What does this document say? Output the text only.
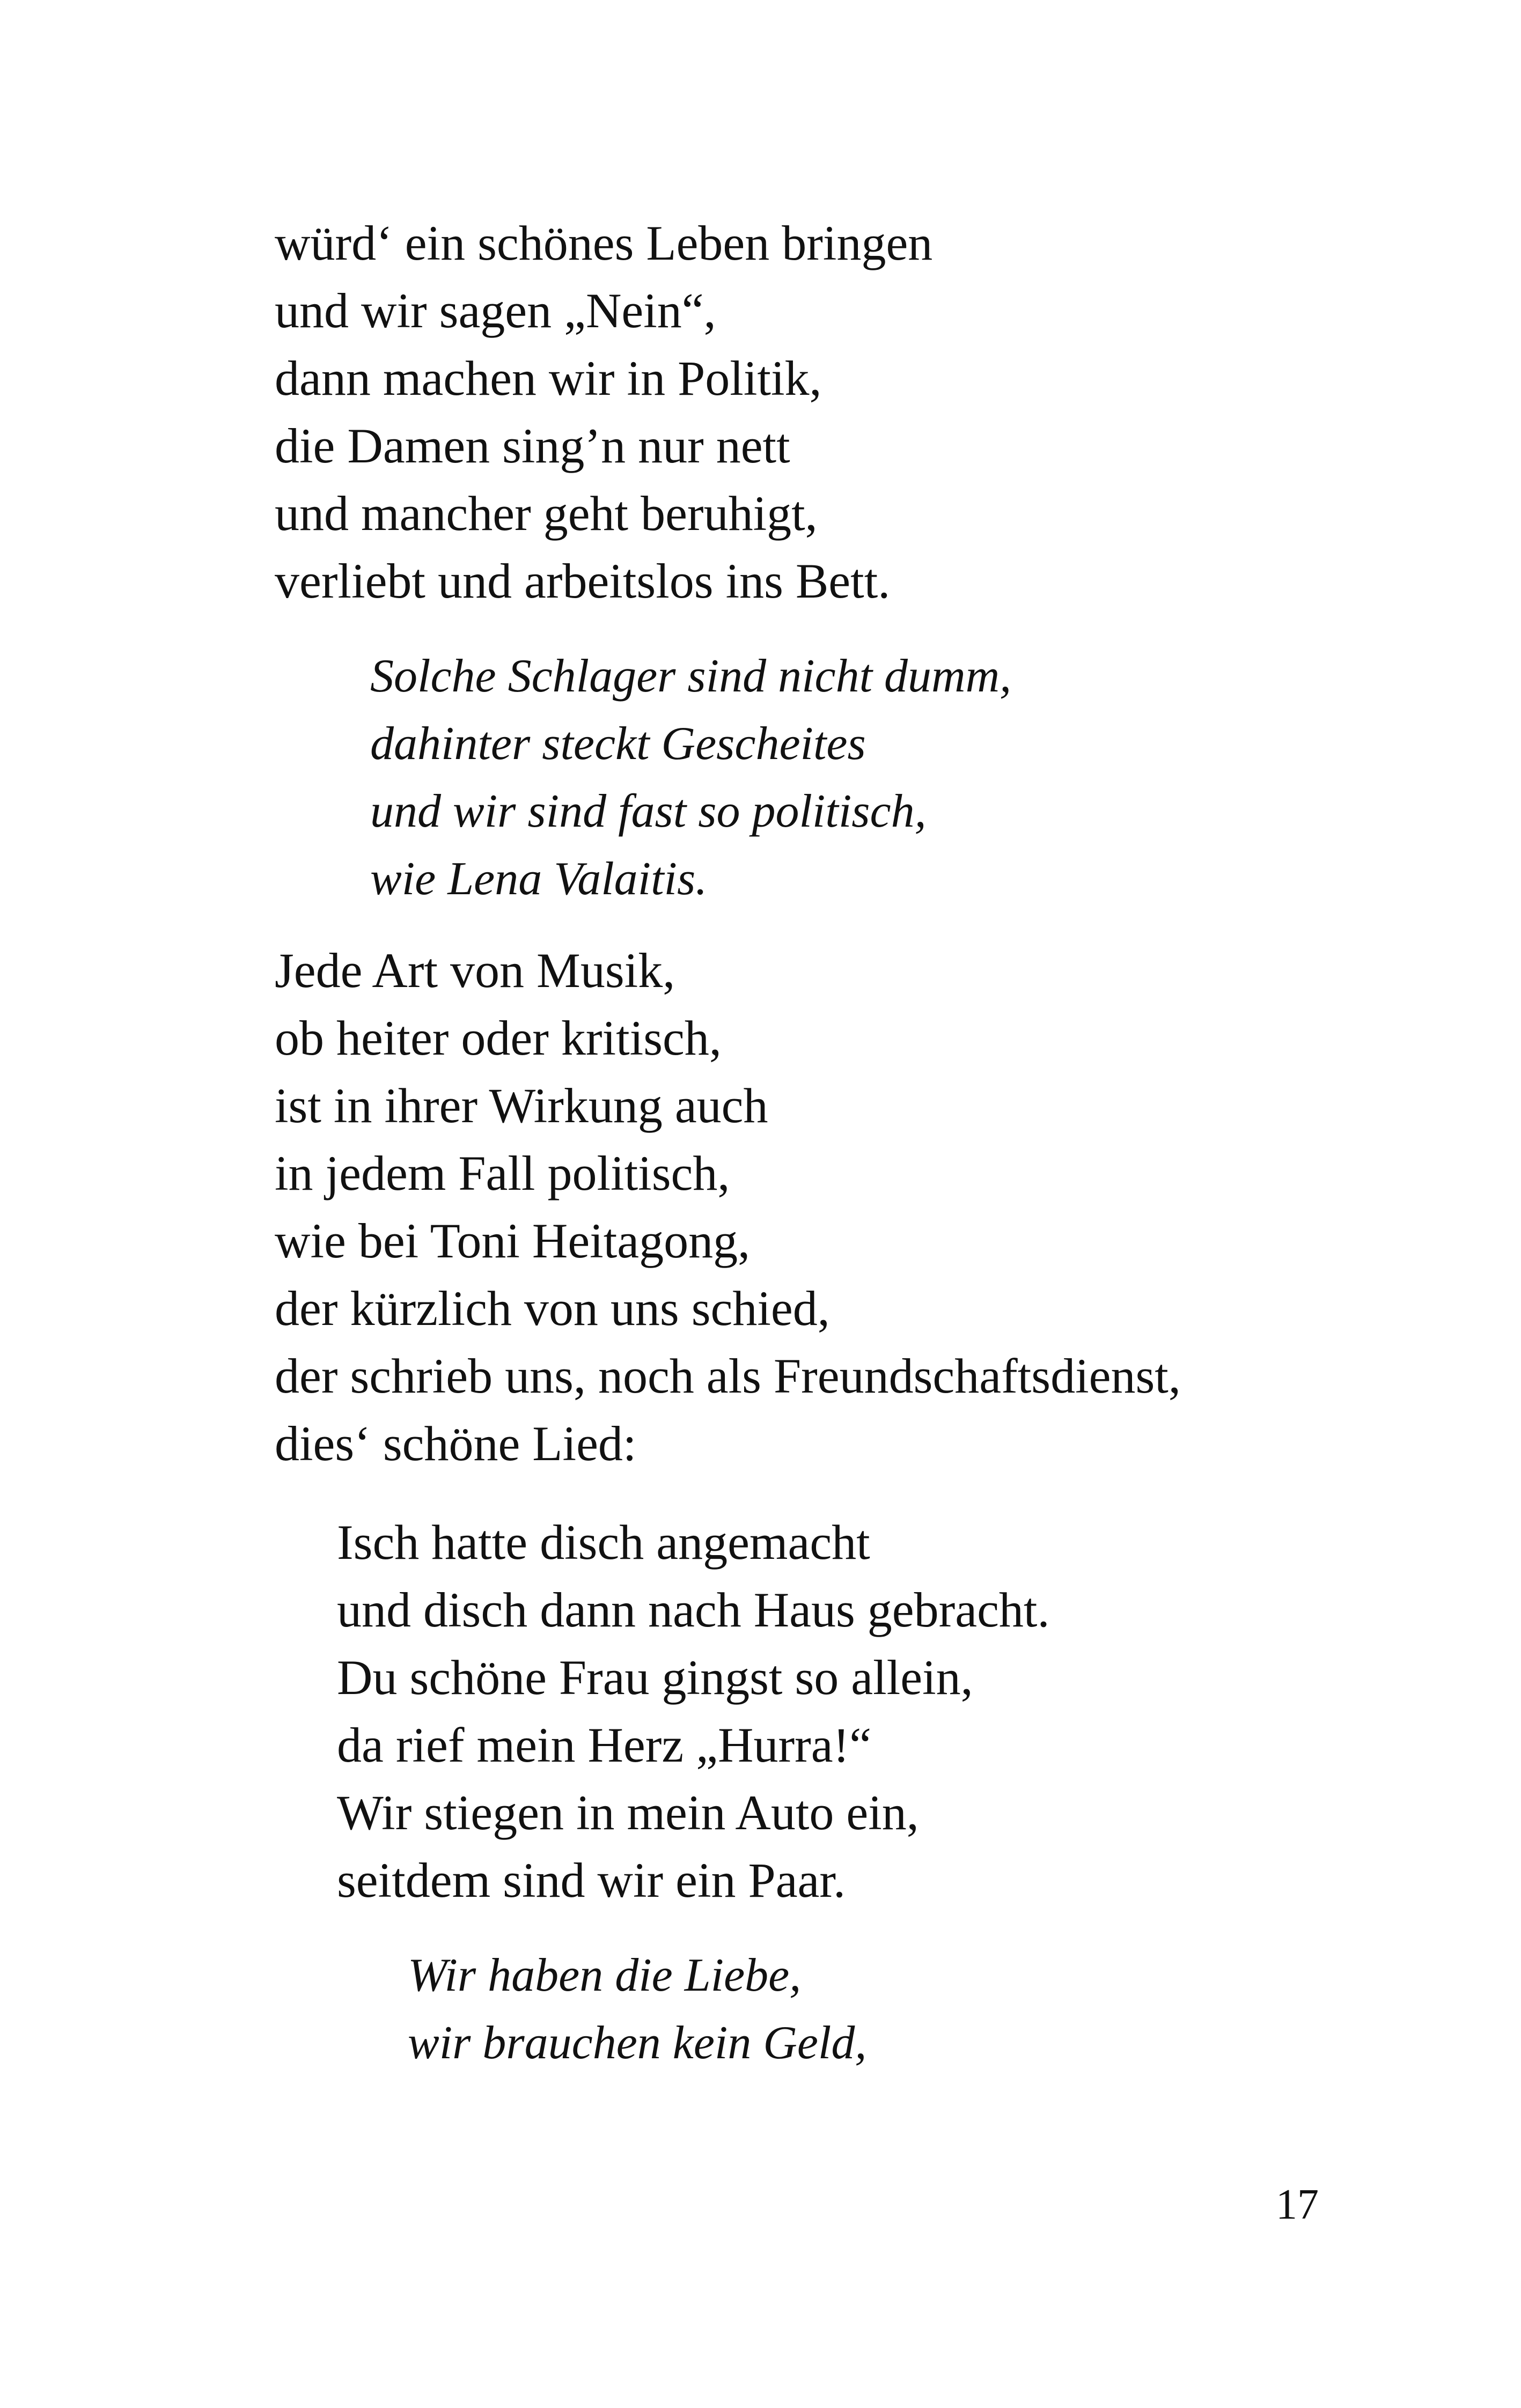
würd‘ ein schönes Leben bringen
und wir sagen „Nein“,
dann machen wir in Politik,
die Damen sing’n nur nett
und mancher geht beruhigt,
verliebt und arbeitslos ins Bett.
Solche Schlager sind nicht dumm,
dahinter steckt Gescheites
und wir sind fast so politisch,
wie Lena Valaitis.
Jede Art von Musik,
ob heiter oder kritisch,
ist in ihrer Wirkung auch
in jedem Fall politisch,
wie bei Toni Heitagong,
der kürzlich von uns schied,
der schrieb uns, noch als Freundschaftsdienst,
dies‘ schöne Lied:
Isch hatte disch angemacht
und disch dann nach Haus gebracht.
Du schöne Frau gingst so allein,
da rief mein Herz „Hurra!“
Wir stiegen in mein Auto ein,
seitdem sind wir ein Paar.
Wir haben die Liebe,
wir brauchen kein Geld,
17
